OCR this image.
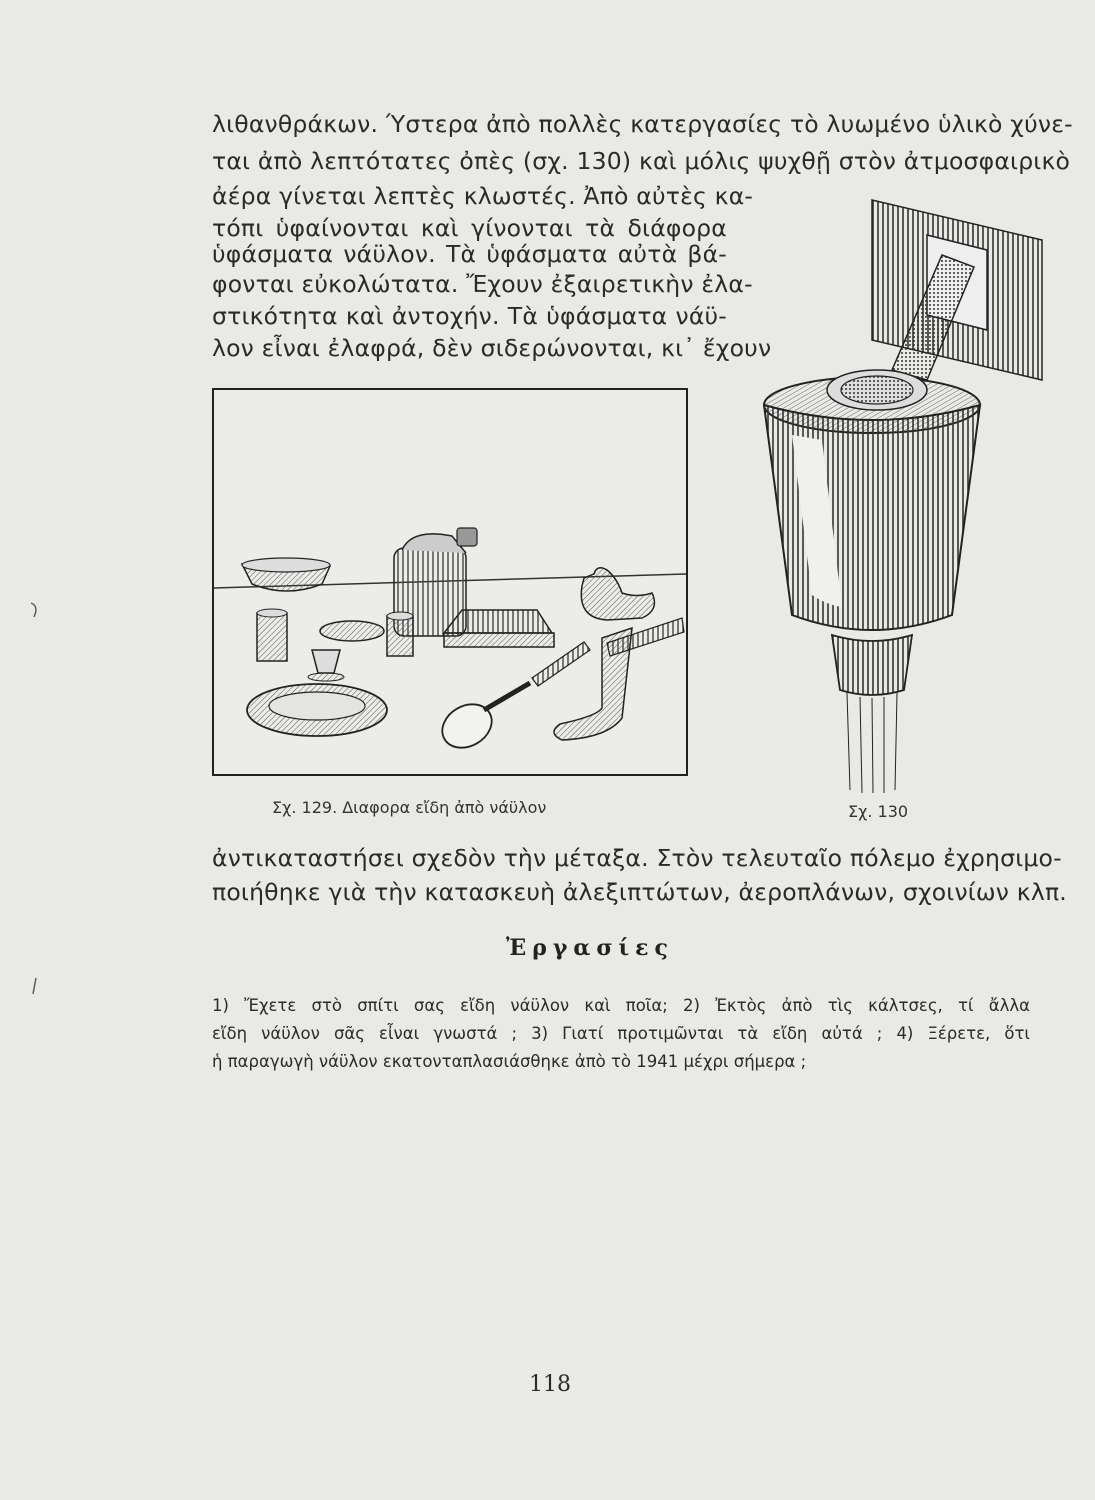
λιθανθράκων. Ύστερα ἀπὸ πολλὲς κατεργασίες τὸ λυωμένο ὑλικὸ χύνε-

ται ἀπὸ λεπτότατες ὀπὲς (σχ. 130) καὶ μόλις ψυχθῇ στὸν ἀτμοσφαιρικὸ

ἀέρα γίνεται λεπτὲς κλωστές. Ἀπὸ αὐτὲς κα-

τόπι ὑφαίνονται καὶ γίνονται τὰ διάφορα

ὑφάσματα νάϋλον. Τὰ ὑφάσματα αὐτὰ βά-

φονται εὐκολώτατα. Ἔχουν ἐξαιρετικὴν ἐλα-

στικότητα καὶ ἀντοχήν. Τὰ ὑφάσματα νάϋ-

λον εἶναι ἐλαφρά, δὲν σιδερώνονται, κι᾽ ἔχουν

Σχ. 129. Διαφορα εἴδη ἀπὸ νάϋλον	Σχ. 130

ἀντικαταστήσει σχεδὸν τὴν μέταξα. Στὸν τελευταῖο πόλεμο ἐχρησιμο-

ποιήθηκε γιὰ τὴν κατασκευὴ ἀλεξιπτώτων, ἀεροπλάνων, σχοινίων κλπ.

Ἐργασίες

1) Ἔχετε στὸ σπίτι σας εἴδη νάϋλον καὶ ποῖα; 2) Ἐκτὸς ἀπὸ τὶς κάλτσες, τί ἄλλα

εἴδη νάϋλον σᾶς εἶναι γνωστά ; 3) Γιατί προτιμῶνται τὰ εἴδη αὐτά ; 4) Ξέρετε, ὅτι

ἡ παραγωγὴ νάϋλον εκατονταπλασιάσθηκε ἀπὸ τὸ 1941 μέχρι σήμερα ;

118
